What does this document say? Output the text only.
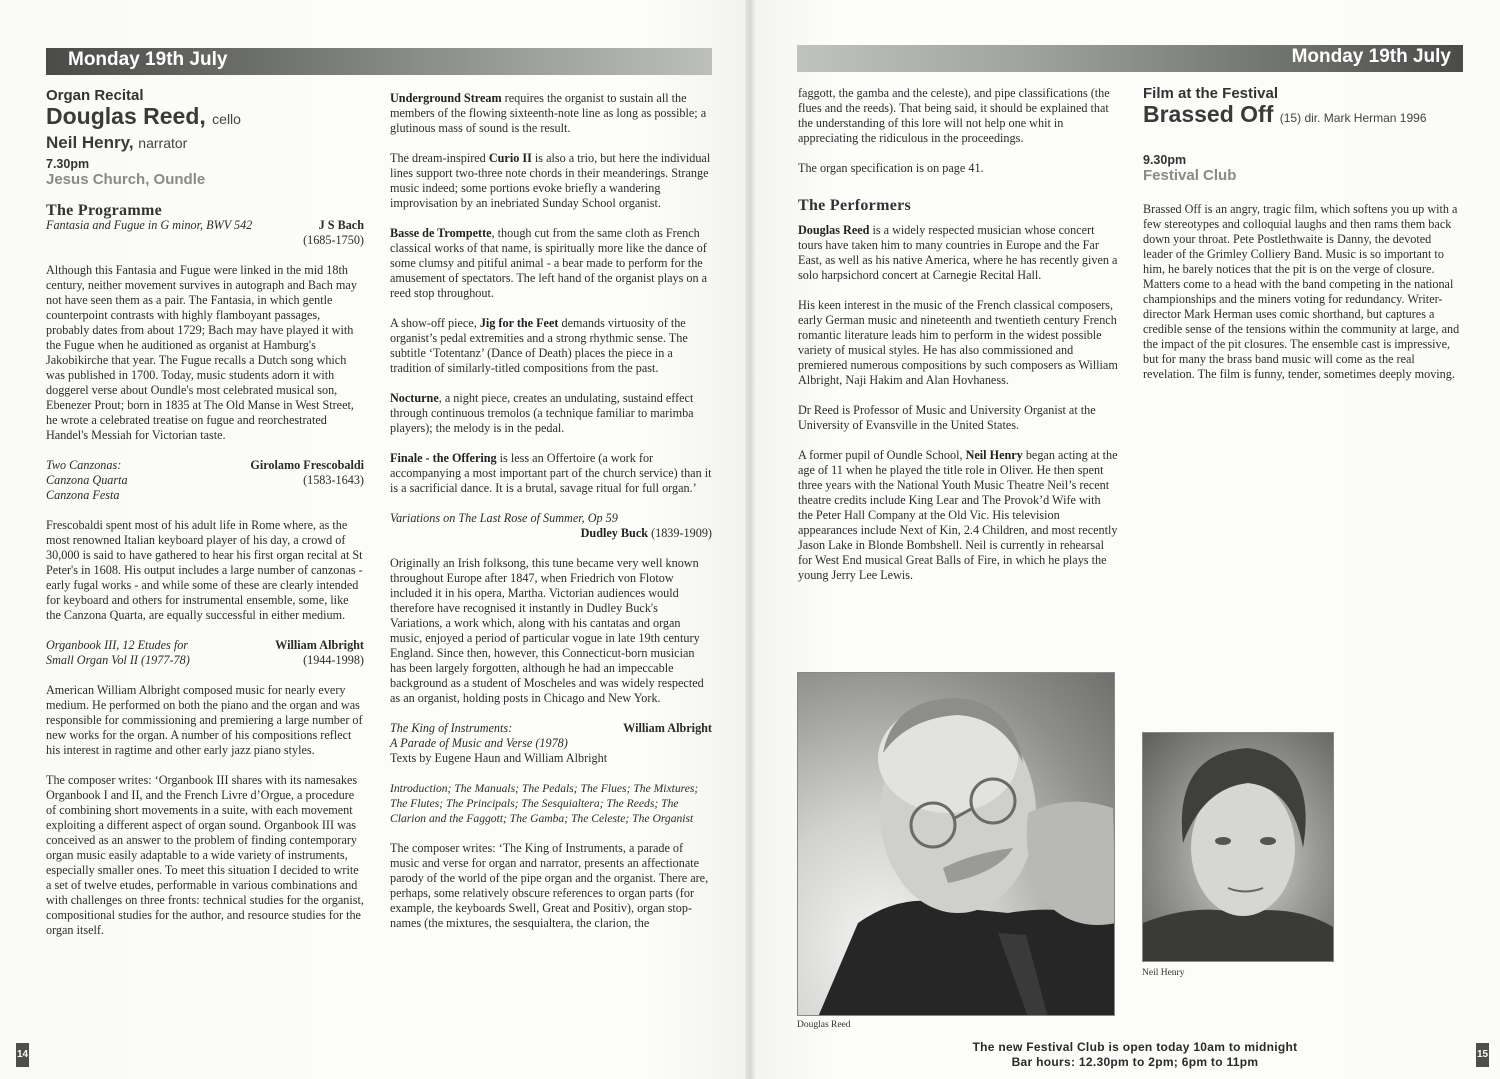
Monday 19th July
Organ Recital
Douglas Reed, cello
Neil Henry, narrator
7.30pm
Jesus Church, Oundle
The Programme
Fantasia and Fugue in G minor, BWV 542	J S Bach
(1685-1750)

Although this Fantasia and Fugue were linked in the mid 18th century, neither movement survives in autograph and Bach may not have seen them as a pair. The Fantasia, in which gentle counterpoint contrasts with highly flamboyant passages, probably dates from about 1729; Bach may have played it with the Fugue when he auditioned as organist at Hamburg's Jakobikirche that year. The Fugue recalls a Dutch song which was published in 1700. Today, music students adorn it with doggerel verse about Oundle's most celebrated musical son, Ebenezer Prout; born in 1835 at The Old Manse in West Street, he wrote a celebrated treatise on fugue and reorchestrated Handel's Messiah for Victorian taste.

Two Canzonas:
Canzona Quarta
Canzona Festa
Girolamo Frescobaldi
(1583-1643)

Frescobaldi spent most of his adult life in Rome where, as the most renowned Italian keyboard player of his day, a crowd of 30,000 is said to have gathered to hear his first organ recital at St Peter's in 1608. His output includes a large number of canzonas - early fugal works - and while some of these are clearly intended for keyboard and others for instrumental ensemble, some, like the Canzona Quarta, are equally successful in either medium.

Organbook III, 12 Etudes for
Small Organ Vol II (1977-78)
William Albright
(1944-1998)

American William Albright composed music for nearly every medium. He performed on both the piano and the organ and was responsible for commissioning and premiering a large number of new works for the organ. A number of his compositions reflect his interest in ragtime and other early jazz piano styles.

The composer writes: ‘Organbook III shares with its namesakes Organbook I and II, and the French Livre d’Orgue, a procedure of combining short movements in a suite, with each movement exploiting a different aspect of organ sound. Organbook III was conceived as an answer to the problem of finding contemporary organ music easily adaptable to a wide variety of instruments, especially smaller ones. To meet this situation I decided to write a set of twelve etudes, performable in various combinations and with challenges on three fronts: technical studies for the organist, compositional studies for the author, and resource studies for the organ itself.

Underground Stream requires the organist to sustain all the members of the flowing sixteenth-note line as long as possible; a glutinous mass of sound is the result.

The dream-inspired Curio II is also a trio, but here the individual lines support two-three note chords in their meanderings. Strange music indeed; some portions evoke briefly a wandering improvisation by an inebriated Sunday School organist.

Basse de Trompette, though cut from the same cloth as French classical works of that name, is spiritually more like the dance of some clumsy and pitiful animal - a bear made to perform for the amusement of spectators. The left hand of the organist plays on a reed stop throughout.

A show-off piece, Jig for the Feet demands virtuosity of the organist’s pedal extremities and a strong rhythmic sense. The subtitle ‘Totentanz’ (Dance of Death) places the piece in a tradition of similarly-titled compositions from the past.

Nocturne, a night piece, creates an undulating, sustaind effect through continuous tremolos (a technique familiar to marimba players); the melody is in the pedal.

Finale - the Offering is less an Offertoire (a work for accompanying a most important part of the church service) than it is a sacrificial dance. It is a brutal, savage ritual for full organ.’

Variations on The Last Rose of Summer, Op 59
Dudley Buck (1839-1909)

Originally an Irish folksong, this tune became very well known throughout Europe after 1847, when Friedrich von Flotow included it in his opera, Martha. Victorian audiences would therefore have recognised it instantly in Dudley Buck's Variations, a work which, along with his cantatas and organ music, enjoyed a period of particular vogue in late 19th century England. Since then, however, this Connecticut-born musician has been largely forgotten, although he had an impeccable background as a student of Moscheles and was widely respected as an organist, holding posts in Chicago and New York.

The King of Instruments:	William Albright
A Parade of Music and Verse (1978)
Texts by Eugene Haun and William Albright

Introduction; The Manuals; The Pedals; The Flues; The Mixtures; The Flutes; The Principals; The Sesquialtera; The Reeds; The Clarion and the Faggott; The Gamba; The Celeste; The Organist

The composer writes: ‘The King of Instruments, a parade of music and verse for organ and narrator, presents an affectionate parody of the world of the pipe organ and the organist. There are, perhaps, some relatively obscure references to organ parts (for example, the keyboards Swell, Great and Positiv), organ stop-names (the mixtures, the sesquialtera, the clarion, the

14
Monday 19th July

faggott, the gamba and the celeste), and pipe classifications (the flues and the reeds). That being said, it should be explained that the understanding of this lore will not help one whit in appreciating the ridiculous in the proceedings.

The organ specification is on page 41.

The Performers

Douglas Reed is a widely respected musician whose concert tours have taken him to many countries in Europe and the Far East, as well as his native America, where he has recently given a solo harpsichord concert at Carnegie Recital Hall.

His keen interest in the music of the French classical composers, early German music and nineteenth and twentieth century French romantic literature leads him to perform in the widest possible variety of musical styles. He has also commissioned and premiered numerous compositions by such composers as William Albright, Naji Hakim and Alan Hovhaness.

Dr Reed is Professor of Music and University Organist at the University of Evansville in the United States.

A former pupil of Oundle School, Neil Henry began acting at the age of 11 when he played the title role in Oliver. He then spent three years with the National Youth Music Theatre Neil’s recent theatre credits include King Lear and The Provok’d Wife with the Peter Hall Company at the Old Vic. His television appearances include Next of Kin, 2.4 Children, and most recently Jason Lake in Blonde Bombshell. Neil is currently in rehearsal for West End musical Great Balls of Fire, in which he plays the young Jerry Lee Lewis.

Douglas Reed
Film at the Festival
Brassed Off (15) dir. Mark Herman 1996
9.30pm
Festival Club

Brassed Off is an angry, tragic film, which softens you up with a few stereotypes and colloquial laughs and then rams them back down your throat. Pete Postlethwaite is Danny, the devoted leader of the Grimley Colliery Band. Music is so important to him, he barely notices that the pit is on the verge of closure. Matters come to a head with the band competing in the national championships and the miners voting for redundancy. Writer-director Mark Herman uses comic shorthand, but captures a credible sense of the tensions within the community at large, and the impact of the pit closures. The ensemble cast is impressive, but for many the brass band music will come as the real revelation. The film is funny, tender, sometimes deeply moving.

Neil Henry
The new Festival Club is open today 10am to midnight
Bar hours: 12.30pm to 2pm; 6pm to 11pm
15
